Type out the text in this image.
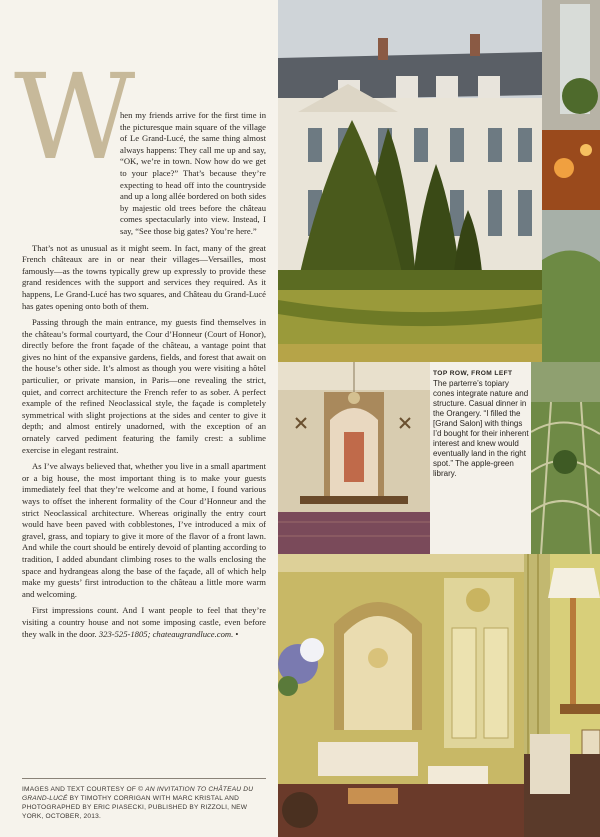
W

hen my friends arrive for the first time in the picturesque main square of the village of Le Grand-Lucé, the same thing almost always happens: They call me up and say, “OK, we’re in town. Now how do we get to your place?” That’s because they’re expecting to head off into the countryside and up a long allée bordered on both sides by majestic old trees before the château comes spectacularly into view. Instead, I say, “See those big gates? You’re here.”

That’s not as unusual as it might seem. In fact, many of the great French châteaux are in or near their villages—Versailles, most famously—as the towns typically grew up expressly to provide these grand residences with the support and services they required. As it happens, Le Grand-Lucé has two squares, and Château du Grand-Lucé has gates opening onto both of them.

Passing through the main entrance, my guests find themselves in the château’s formal courtyard, the Cour d’Honneur (Court of Honor), directly before the front façade of the château, a vantage point that gives no hint of the expansive gardens, fields, and forest that await on the house’s other side. It’s almost as though you were visiting a hôtel particulier, or private mansion, in Paris—one revealing the strict, quiet, and correct architecture the French refer to as sober. A perfect example of the refined Neoclassical style, the façade is completely symmetrical with slight projections at the sides and center to give it depth; and almost entirely unadorned, with the exception of an ornately carved pediment featuring the family crest: a sublime exercise in elegant restraint.

As I’ve always believed that, whether you live in a small apartment or a big house, the most important thing is to make your guests immediately feel that they’re welcome and at home, I found various ways to offset the inherent formality of the Cour d’Honneur and the strict Neoclassical architecture. Whereas originally the entry court would have been paved with cobblestones, I’ve introduced a mix of gravel, grass, and topiary to give it more of the flavor of a front lawn. And while the court should be entirely devoid of planting according to tradition, I added abundant climbing roses to the walls enclosing the space and hydrangeas along the base of the façade, all of which help make my guests’ first introduction to the château a little more warm and welcoming.

First impressions count. And I want people to feel that they’re visiting a country house and not some imposing castle, even before they walk in the door. 323-525-1805; chateaugrandluce.com. •

IMAGES AND TEXT COURTESY OF © AN INVITATION TO CHÂTEAU DU GRAND-LUCÉ BY TIMOTHY CORRIGAN WITH MARC KRISTAL AND PHOTOGRAPHED BY ERIC PIASECKI, PUBLISHED BY RIZZOLI, NEW YORK, OCTOBER, 2013.
TOP ROW, FROM LEFT
The parterre’s topiary cones integrate nature and structure. Casual dinner in the Orangery. “I filled the [Grand Salon] with things I’d bought for their inherent interest and knew would eventually land in the right spot.” The apple-green library.
